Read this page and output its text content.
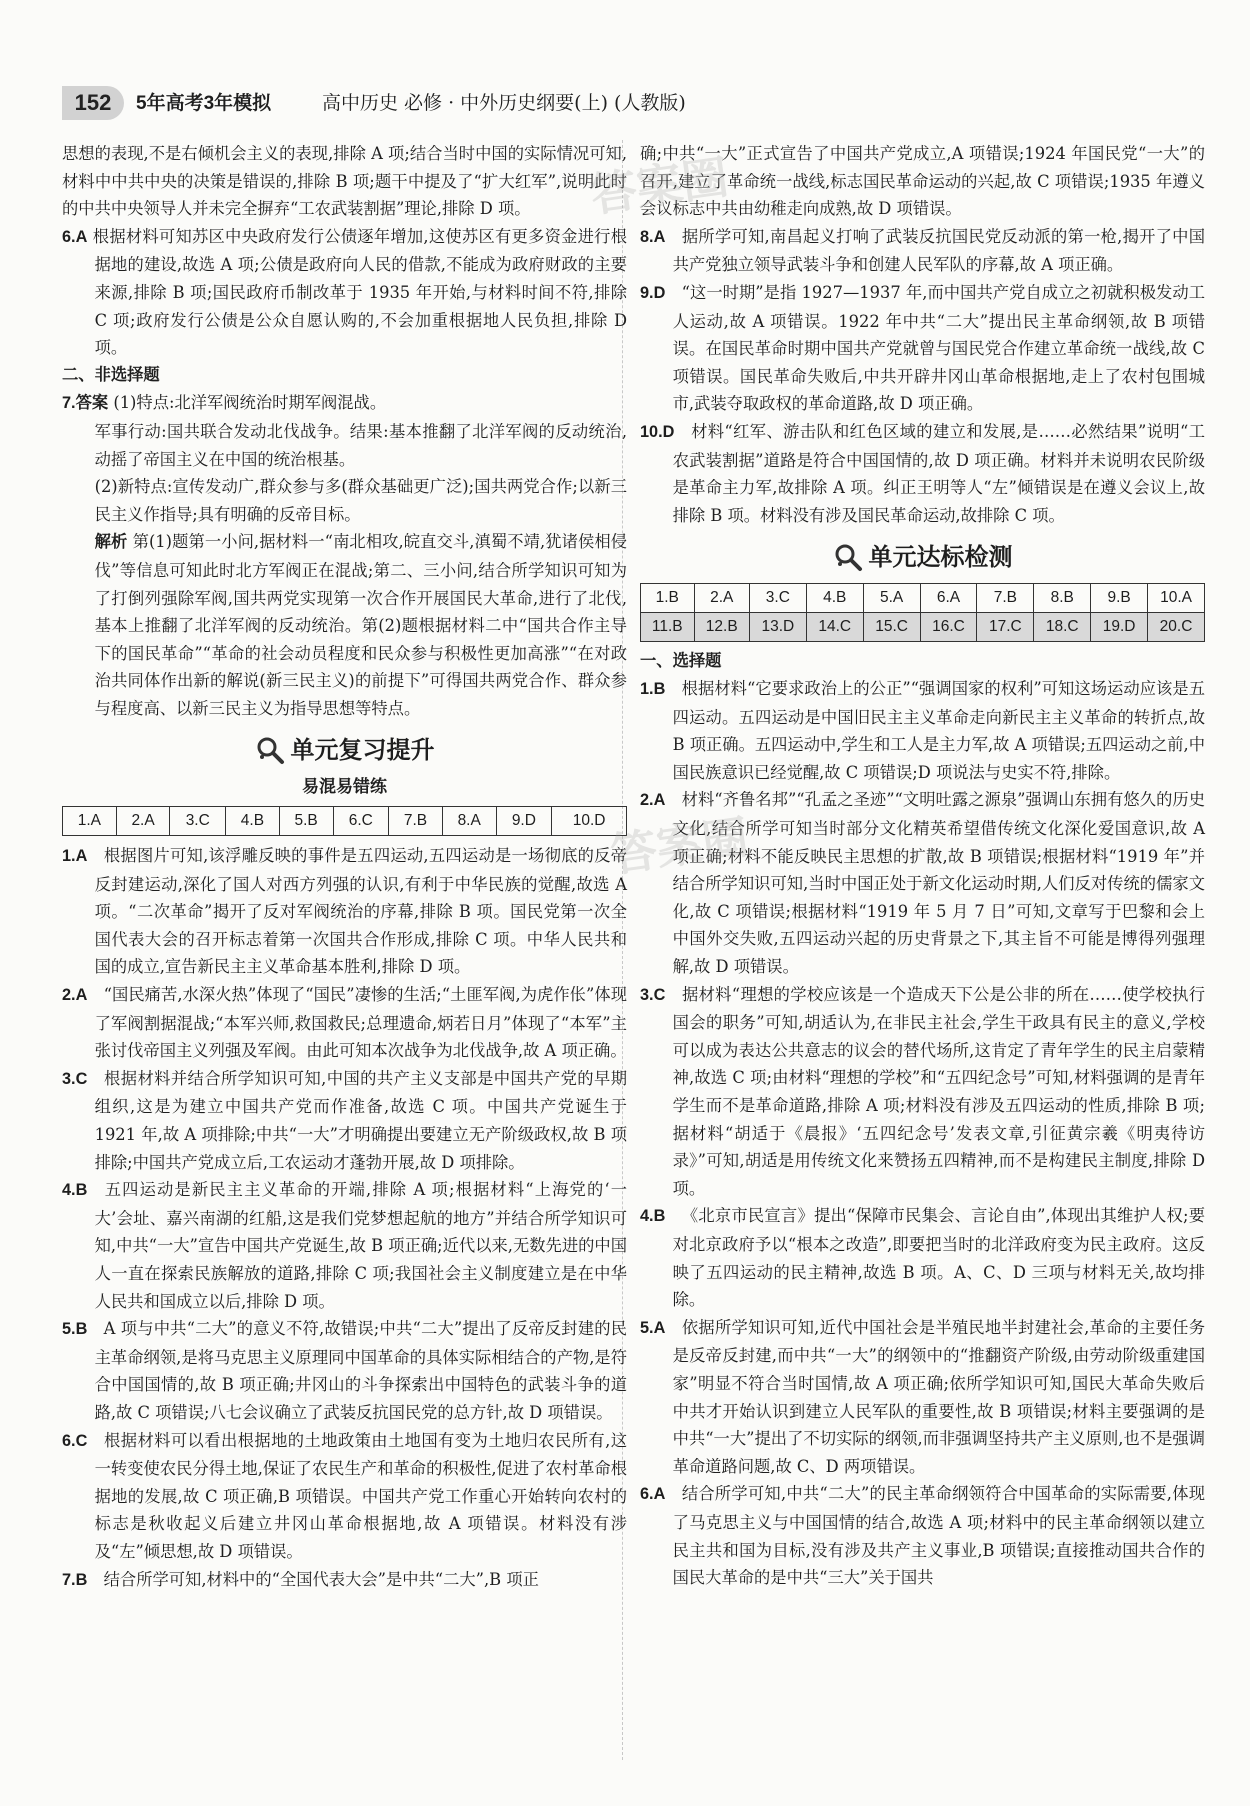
152	5年高考3年模拟	高中历史 必修 · 中外历史纲要(上) (人教版)

思想的表现,不是右倾机会主义的表现,排除 A 项;结合当时中国的实际情况可知,材料中中共中央的决策是错误的,排除 B 项;题干中提及了“扩大红军”,说明此时的中共中央领导人并未完全摒弃“工农武装割据”理论,排除 D 项。

6.A 根据材料可知苏区中央政府发行公债逐年增加,这使苏区有更多资金进行根据地的建设,故选 A 项;公债是政府向人民的借款,不能成为政府财政的主要来源,排除 B 项;国民政府币制改革于 1935 年开始,与材料时间不符,排除 C 项;政府发行公债是公众自愿认购的,不会加重根据地人民负担,排除 D 项。

二、非选择题

7.答案 (1)特点:北洋军阀统治时期军阀混战。

军事行动:国共联合发动北伐战争。结果:基本推翻了北洋军阀的反动统治,动摇了帝国主义在中国的统治根基。

(2)新特点:宣传发动广,群众参与多(群众基础更广泛);国共两党合作;以新三民主义作指导;具有明确的反帝目标。

解析 第(1)题第一小问,据材料一“南北相攻,皖直交斗,滇蜀不靖,犹诸侯相侵伐”等信息可知此时北方军阀正在混战;第二、三小问,结合所学知识可知为了打倒列强除军阀,国共两党实现第一次合作开展国民大革命,进行了北伐,基本上推翻了北洋军阀的反动统治。第(2)题根据材料二中“国共合作主导下的国民革命”“革命的社会动员程度和民众参与积极性更加高涨”“在对政治共同体作出新的解说(新三民主义)的前提下”可得国共两党合作、群众参与程度高、以新三民主义为指导思想等特点。

单元复习提升
易混易错练
1.A	2.A	3.C	4.B	5.B	6.C	7.B	8.A	9.D	10.D

1.A  根据图片可知,该浮雕反映的事件是五四运动,五四运动是一场彻底的反帝反封建运动,深化了国人对西方列强的认识,有利于中华民族的觉醒,故选 A 项。“二次革命”揭开了反对军阀统治的序幕,排除 B 项。国民党第一次全国代表大会的召开标志着第一次国共合作形成,排除 C 项。中华人民共和国的成立,宣告新民主主义革命基本胜利,排除 D 项。

2.A  “国民痛苦,水深火热”体现了“国民”凄惨的生活;“土匪军阀,为虎作伥”体现了军阀割据混战;“本军兴师,救国救民;总理遗命,炳若日月”体现了“本军”主张讨伐帝国主义列强及军阀。由此可知本次战争为北伐战争,故 A 项正确。

3.C  根据材料并结合所学知识可知,中国的共产主义支部是中国共产党的早期组织,这是为建立中国共产党而作准备,故选 C 项。中国共产党诞生于 1921 年,故 A 项排除;中共“一大”才明确提出要建立无产阶级政权,故 B 项排除;中国共产党成立后,工农运动才蓬勃开展,故 D 项排除。

4.B  五四运动是新民主主义革命的开端,排除 A 项;根据材料“上海党的‘一大’会址、嘉兴南湖的红船,这是我们党梦想起航的地方”并结合所学知识可知,中共“一大”宣告中国共产党诞生,故 B 项正确;近代以来,无数先进的中国人一直在探索民族解放的道路,排除 C 项;我国社会主义制度建立是在中华人民共和国成立以后,排除 D 项。

5.B  A 项与中共“二大”的意义不符,故错误;中共“二大”提出了反帝反封建的民主革命纲领,是将马克思主义原理同中国革命的具体实际相结合的产物,是符合中国国情的,故 B 项正确;井冈山的斗争探索出中国特色的武装斗争的道路,故 C 项错误;八七会议确立了武装反抗国民党的总方针,故 D 项错误。

6.C  根据材料可以看出根据地的土地政策由土地国有变为土地归农民所有,这一转变使农民分得土地,保证了农民生产和革命的积极性,促进了农村革命根据地的发展,故 C 项正确,B 项错误。中国共产党工作重心开始转向农村的标志是秋收起义后建立井冈山革命根据地,故 A 项错误。材料没有涉及“左”倾思想,故 D 项错误。

7.B  结合所学可知,材料中的“全国代表大会”是中共“二大”,B 项正

确;中共“一大”正式宣告了中国共产党成立,A 项错误;1924 年国民党“一大”的召开,建立了革命统一战线,标志国民革命运动的兴起,故 C 项错误;1935 年遵义会议标志中共由幼稚走向成熟,故 D 项错误。

8.A  据所学可知,南昌起义打响了武装反抗国民党反动派的第一枪,揭开了中国共产党独立领导武装斗争和创建人民军队的序幕,故 A 项正确。

9.D  “这一时期”是指 1927—1937 年,而中国共产党自成立之初就积极发动工人运动,故 A 项错误。1922 年中共“二大”提出民主革命纲领,故 B 项错误。在国民革命时期中国共产党就曾与国民党合作建立革命统一战线,故 C 项错误。国民革命失败后,中共开辟井冈山革命根据地,走上了农村包围城市,武装夺取政权的革命道路,故 D 项正确。

10.D  材料“红军、游击队和红色区域的建立和发展,是……必然结果”说明“工农武装割据”道路是符合中国国情的,故 D 项正确。材料并未说明农民阶级是革命主力军,故排除 A 项。纠正王明等人“左”倾错误是在遵义会议上,故排除 B 项。材料没有涉及国民革命运动,故排除 C 项。

单元达标检测
1.B	2.A	3.C	4.B	5.A	6.A	7.B	8.B	9.B	10.A
11.B	12.B	13.D	14.C	15.C	16.C	17.C	18.C	19.D	20.C

一、选择题

1.B  根据材料“它要求政治上的公正”“强调国家的权利”可知这场运动应该是五四运动。五四运动是中国旧民主主义革命走向新民主主义革命的转折点,故 B 项正确。五四运动中,学生和工人是主力军,故 A 项错误;五四运动之前,中国民族意识已经觉醒,故 C 项错误;D 项说法与史实不符,排除。

2.A  材料“齐鲁名邦”“孔孟之圣迹”“文明吐露之源泉”强调山东拥有悠久的历史文化,结合所学可知当时部分文化精英希望借传统文化深化爱国意识,故 A 项正确;材料不能反映民主思想的扩散,故 B 项错误;根据材料“1919 年”并结合所学知识可知,当时中国正处于新文化运动时期,人们反对传统的儒家文化,故 C 项错误;根据材料“1919 年 5 月 7 日”可知,文章写于巴黎和会上中国外交失败,五四运动兴起的历史背景之下,其主旨不可能是博得列强理解,故 D 项错误。

3.C  据材料“理想的学校应该是一个造成天下公是公非的所在……使学校执行国会的职务”可知,胡适认为,在非民主社会,学生干政具有民主的意义,学校可以成为表达公共意志的议会的替代场所,这肯定了青年学生的民主启蒙精神,故选 C 项;由材料“理想的学校”和“五四纪念号”可知,材料强调的是青年学生而不是革命道路,排除 A 项;材料没有涉及五四运动的性质,排除 B 项;据材料“胡适于《晨报》‘五四纪念号’发表文章,引征黄宗羲《明夷待访录》”可知,胡适是用传统文化来赞扬五四精神,而不是构建民主制度,排除 D 项。

4.B  《北京市民宣言》提出“保障市民集会、言论自由”,体现出其维护人权;要对北京政府予以“根本之改造”,即要把当时的北洋政府变为民主政府。这反映了五四运动的民主精神,故选 B 项。A、C、D 三项与材料无关,故均排除。

5.A  依据所学知识可知,近代中国社会是半殖民地半封建社会,革命的主要任务是反帝反封建,而中共“一大”的纲领中的“推翻资产阶级,由劳动阶级重建国家”明显不符合当时国情,故 A 项正确;依所学知识可知,国民大革命失败后中共才开始认识到建立人民军队的重要性,故 B 项错误;材料主要强调的是中共“一大”提出了不切实际的纲领,而非强调坚持共产主义原则,也不是强调革命道路问题,故 C、D 两项错误。

6.A  结合所学可知,中共“二大”的民主革命纲领符合中国革命的实际需要,体现了马克思主义与中国国情的结合,故选 A 项;材料中的民主革命纲领以建立民主共和国为目标,没有涉及共产主义事业,B 项错误;直接推动国共合作的国民大革命的是中共“三大”关于国共

答案圈
答案圈
